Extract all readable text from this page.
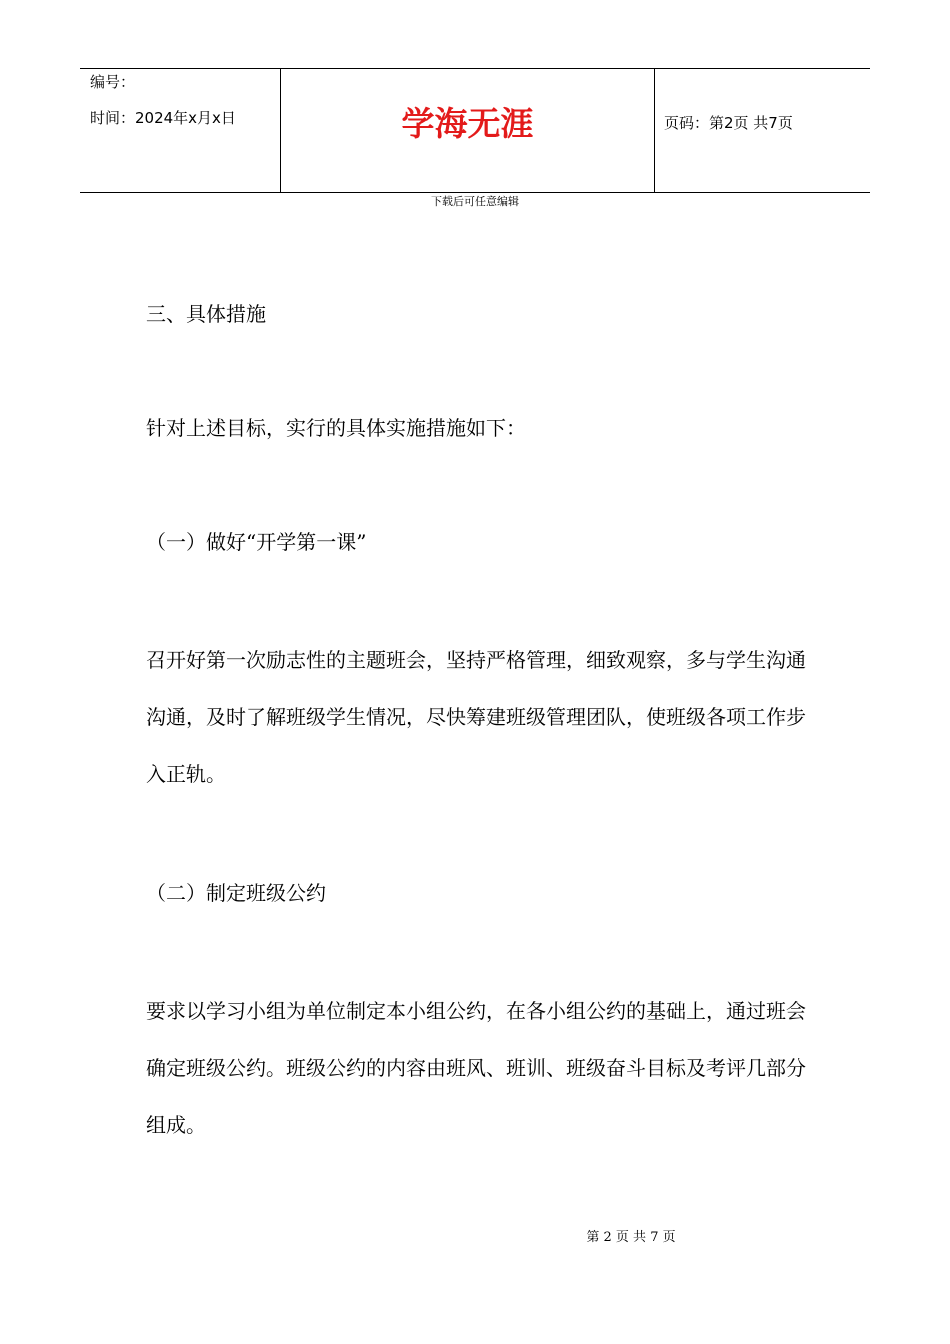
编号：
时间：2024年x月x日	学海无涯	页码：第2页 共7页
下载后可任意编辑
三、具体措施
针对上述目标，实行的具体实施措施如下：
（一）做好“开学第一课”
召开好第一次励志性的主题班会，坚持严格管理，细致观察，多与学生沟通沟通，及时了解班级学生情况，尽快筹建班级管理团队，使班级各项工作步入正轨。
（二）制定班级公约
要求以学习小组为单位制定本小组公约，在各小组公约的基础上，通过班会确定班级公约。班级公约的内容由班风、班训、班级奋斗目标及考评几部分组成。
第 2 页 共 7 页
